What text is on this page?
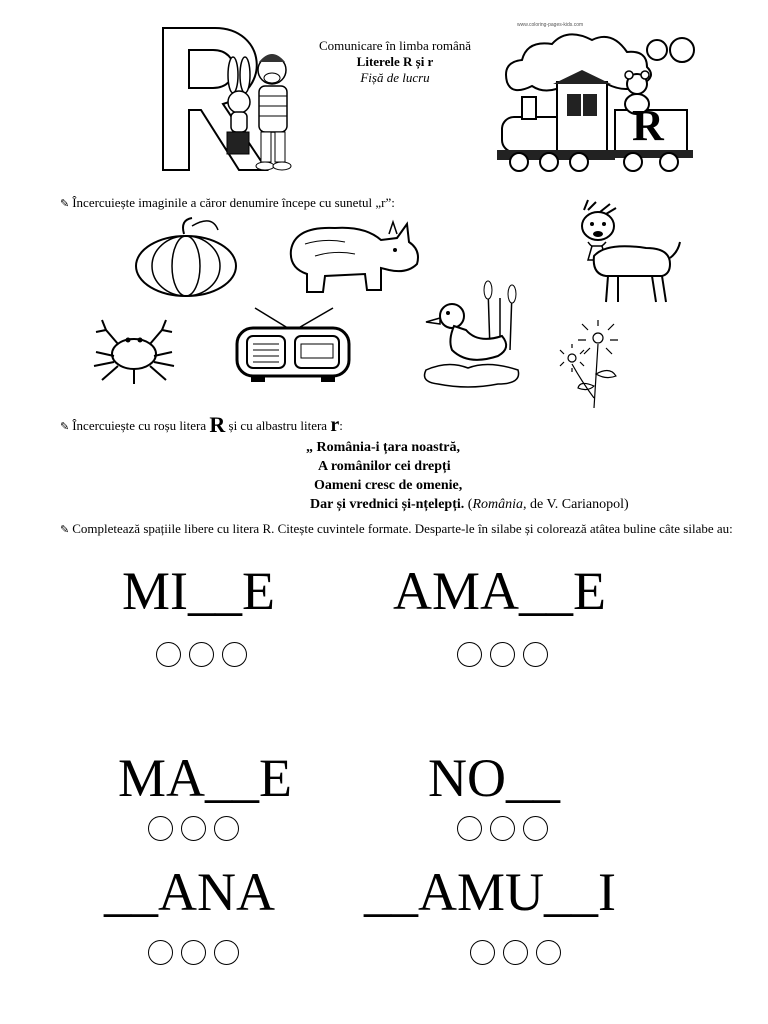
Comunicare în limba română
Literele R și r
Fișă de lucru
www.coloring-pages-kids.com
R
✎ Încercuiește imaginile a căror denumire începe cu sunetul „r”:
✎ Încercuiește cu roșu litera R și cu albastru litera r:
„ România-i țara noastră,
A românilor cei drepți
Oameni cresc de omenie,
Dar și vrednici și-nțelepți. (România, de V. Carianopol)
✎ Completează spațiile libere cu litera R. Citește cuvintele formate. Desparte-le în silabe și colorează atâtea buline câte silabe au:
MI__E AMA__E
MA__E	NO__
__ANA __AMU__I
